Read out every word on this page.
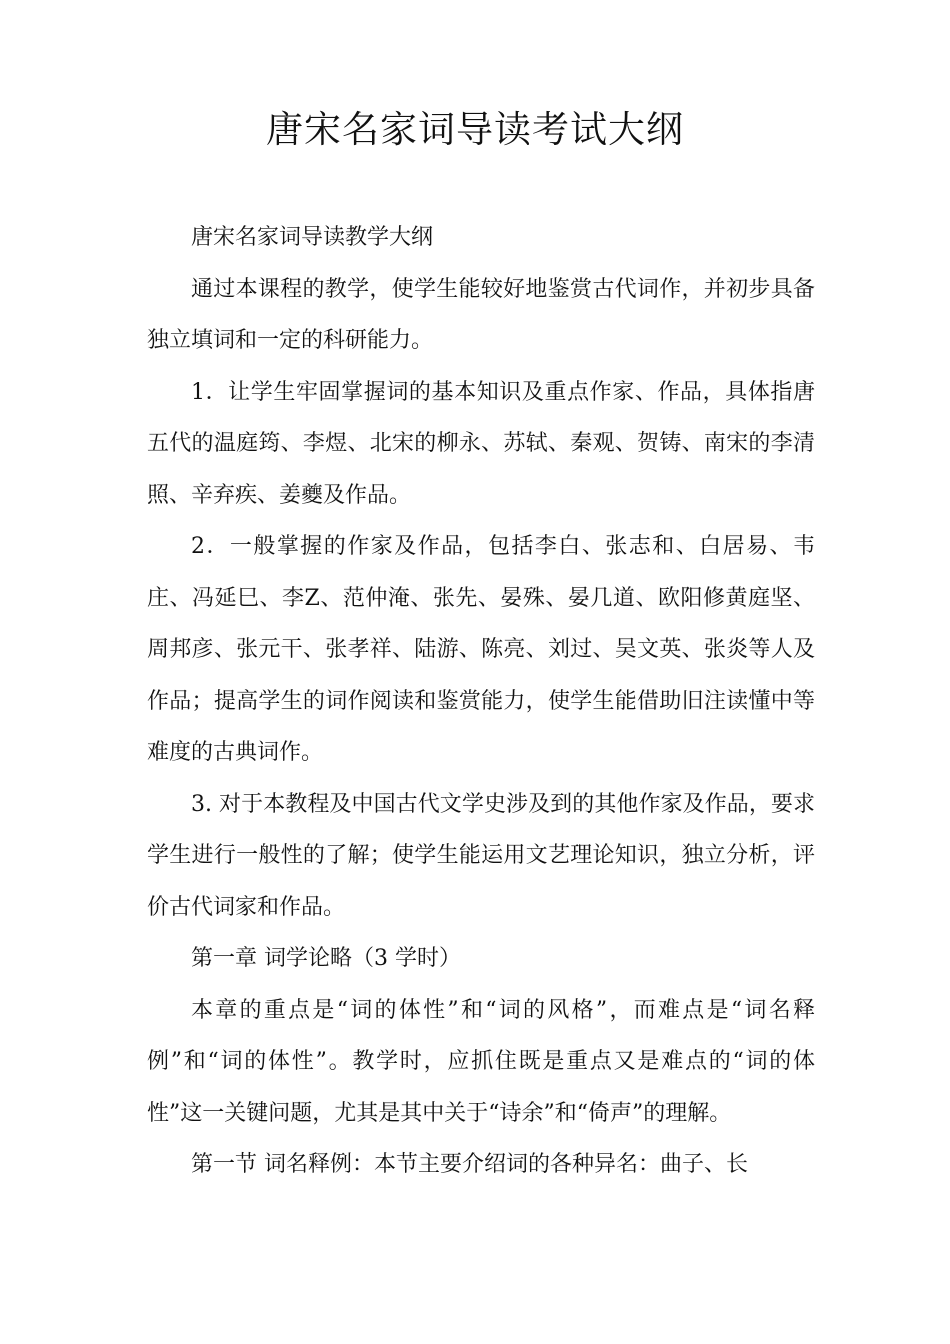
唐宋名家词导读考试大纲

唐宋名家词导读教学大纲

通过本课程的教学，使学生能较好地鉴赏古代词作，并初步具备独立填词和一定的科研能力。

1．让学生牢固掌握词的基本知识及重点作家、作品，具体指唐五代的温庭筠、李煜、北宋的柳永、苏轼、秦观、贺铸、南宋的李清照、辛弃疾、姜夔及作品。

2．一般掌握的作家及作品，包括李白、张志和、白居易、韦庄、冯延巳、李Z、范仲淹、张先、晏殊、晏几道、欧阳修黄庭坚、周邦彦、张元干、张孝祥、陆游、陈亮、刘过、吴文英、张炎等人及作品；提高学生的词作阅读和鉴赏能力，使学生能借助旧注读懂中等难度的古典词作。

3. 对于本教程及中国古代文学史涉及到的其他作家及作品，要求学生进行一般性的了解；使学生能运用文艺理论知识，独立分析，评价古代词家和作品。

第一章 词学论略（3 学时）

本章的重点是“词的体性”和“词的风格”，而难点是“词名释例”和“词的体性”。教学时，应抓住既是重点又是难点的“词的体性”这一关键问题，尤其是其中关于“诗余”和“倚声”的理解。

第一节 词名释例：本节主要介绍词的各种异名：曲子、长
